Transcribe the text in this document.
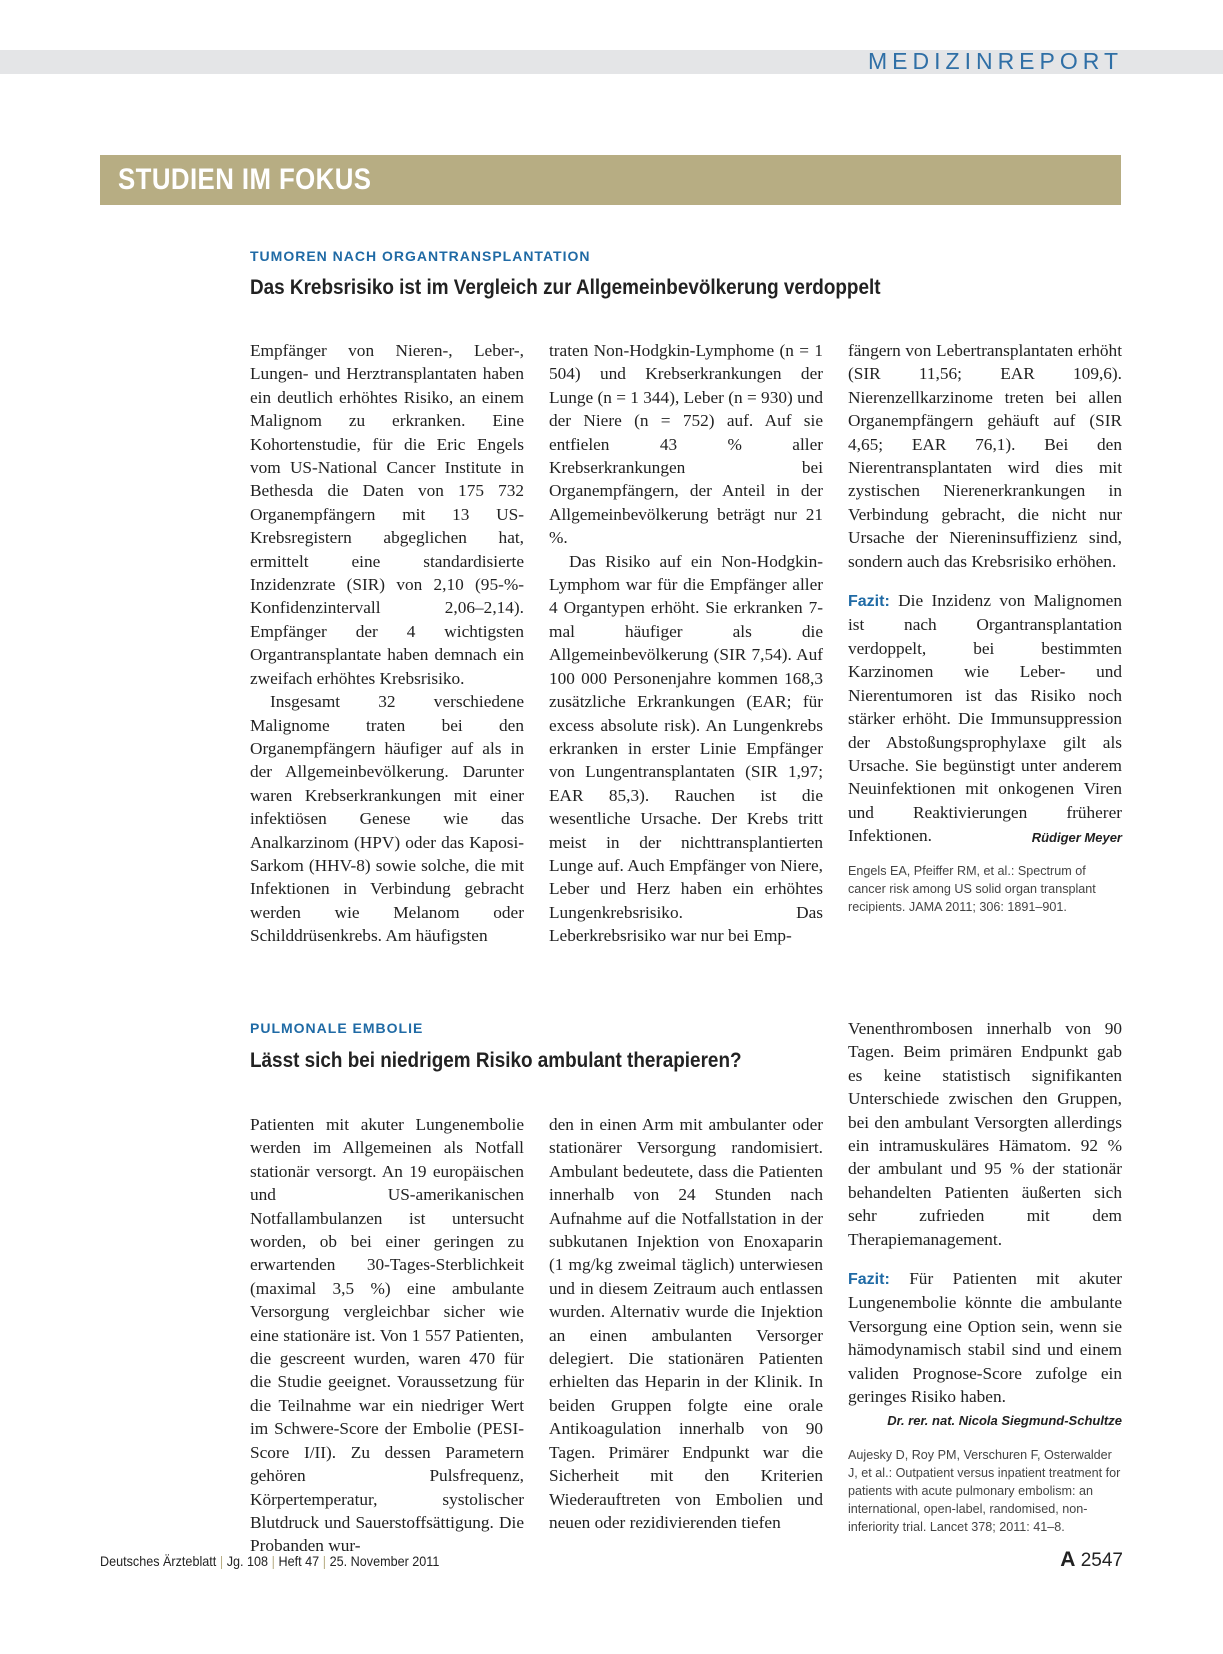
MEDIZINREPORT
STUDIEN IM FOKUS
TUMOREN NACH ORGANTRANSPLANTATION
Das Krebsrisiko ist im Vergleich zur Allgemeinbevölkerung verdoppelt

Empfänger von Nieren-, Leber-, Lungen- und Herztransplantaten haben ein deutlich erhöhtes Risiko, an einem Malignom zu erkranken. Eine Kohortenstudie, für die Eric Engels vom US-National Cancer Institute in Bethesda die Daten von 175 732 Organempfängern mit 13 US-Krebsregistern abgeglichen hat, ermittelt eine standardisierte Inzidenzrate (SIR) von 2,10 (95-%-Konfidenzintervall 2,06–2,14). Empfänger der 4 wichtigsten Organtransplantate haben demnach ein zweifach erhöhtes Krebsrisiko.

Insgesamt 32 verschiedene Malignome traten bei den Organempfängern häufiger auf als in der Allgemeinbevölkerung. Darunter waren Krebserkrankungen mit einer infektiösen Genese wie das Analkarzinom (HPV) oder das Kaposi-Sarkom (HHV-8) sowie solche, die mit Infektionen in Verbindung gebracht werden wie Melanom oder Schilddrüsenkrebs. Am häufigsten

traten Non-Hodgkin-Lymphome (n = 1 504) und Krebserkrankungen der Lunge (n = 1 344), Leber (n = 930) und der Niere (n = 752) auf. Auf sie entfielen 43 % aller Krebserkrankungen bei Organempfängern, der Anteil in der Allgemeinbevölkerung beträgt nur 21 %.

Das Risiko auf ein Non-Hodgkin-Lymphom war für die Empfänger aller 4 Organtypen erhöht. Sie erkranken 7-mal häufiger als die Allgemeinbevölkerung (SIR 7,54). Auf 100 000 Personenjahre kommen 168,3 zusätzliche Erkrankungen (EAR; für excess absolute risk). An Lungenkrebs erkranken in erster Linie Empfänger von Lungentransplantaten (SIR 1,97; EAR 85,3). Rauchen ist die wesentliche Ursache. Der Krebs tritt meist in der nichttransplantierten Lunge auf. Auch Empfänger von Niere, Leber und Herz haben ein erhöhtes Lungenkrebsrisiko. Das Leberkrebsrisiko war nur bei Emp-

fängern von Lebertransplantaten erhöht (SIR 11,56; EAR 109,6). Nierenzellkarzinome treten bei allen Organempfängern gehäuft auf (SIR 4,65; EAR 76,1). Bei den Nierentransplantaten wird dies mit zystischen Nierenerkrankungen in Verbindung gebracht, die nicht nur Ursache der Niereninsuffizienz sind, sondern auch das Krebsrisiko erhöhen.

Fazit: Die Inzidenz von Malignomen ist nach Organtransplantation verdoppelt, bei bestimmten Karzinomen wie Leber- und Nierentumoren ist das Risiko noch stärker erhöht. Die Immunsuppression der Abstoßungsprophylaxe gilt als Ursache. Sie begünstigt unter anderem Neuinfektionen mit onkogenen Viren und Reaktivierungen früherer Infektionen.	Rüdiger Meyer

Engels EA, Pfeiffer RM, et al.: Spectrum of cancer risk among US solid organ transplant recipients. JAMA 2011; 306: 1891–901.

PULMONALE EMBOLIE
Lässt sich bei niedrigem Risiko ambulant therapieren?

Patienten mit akuter Lungenembolie werden im Allgemeinen als Notfall stationär versorgt. An 19 europäischen und US-amerikanischen Notfallambulanzen ist untersucht worden, ob bei einer geringen zu erwartenden 30-Tages-Sterblichkeit (maximal 3,5 %) eine ambulante Versorgung vergleichbar sicher wie eine stationäre ist. Von 1 557 Patienten, die gescreent wurden, waren 470 für die Studie geeignet. Voraussetzung für die Teilnahme war ein niedriger Wert im Schwere-Score der Embolie (PESI-Score I/II). Zu dessen Parametern gehören Pulsfrequenz, Körpertemperatur, systolischer Blutdruck und Sauerstoffsättigung. Die Probanden wur-

den in einen Arm mit ambulanter oder stationärer Versorgung randomisiert. Ambulant bedeutete, dass die Patienten innerhalb von 24 Stunden nach Aufnahme auf die Notfallstation in der subkutanen Injektion von Enoxaparin (1 mg/kg zweimal täglich) unterwiesen und in diesem Zeitraum auch entlassen wurden. Alternativ wurde die Injektion an einen ambulanten Versorger delegiert. Die stationären Patienten erhielten das Heparin in der Klinik. In beiden Gruppen folgte eine orale Antikoagulation innerhalb von 90 Tagen. Primärer Endpunkt war die Sicherheit mit den Kriterien Wiederauftreten von Embolien und neuen oder rezidivierenden tiefen

Venenthrombosen innerhalb von 90 Tagen. Beim primären Endpunkt gab es keine statistisch signifikanten Unterschiede zwischen den Gruppen, bei den ambulant Versorgten allerdings ein intramuskuläres Hämatom. 92 % der ambulant und 95 % der stationär behandelten Patienten äußerten sich sehr zufrieden mit dem Therapiemanagement.

Fazit: Für Patienten mit akuter Lungenembolie könnte die ambulante Versorgung eine Option sein, wenn sie hämodynamisch stabil sind und einem validen Prognose-Score zufolge ein geringes Risiko haben.

Dr. rer. nat. Nicola Siegmund-Schultze

Aujesky D, Roy PM, Verschuren F, Osterwalder J, et al.: Outpatient versus inpatient treatment for patients with acute pulmonary embolism: an international, open-label, randomised, non-inferiority trial. Lancet 378; 2011: 41–8.

Deutsches Ärzteblatt | Jg. 108 | Heft 47 | 25. November 2011	A 2547
